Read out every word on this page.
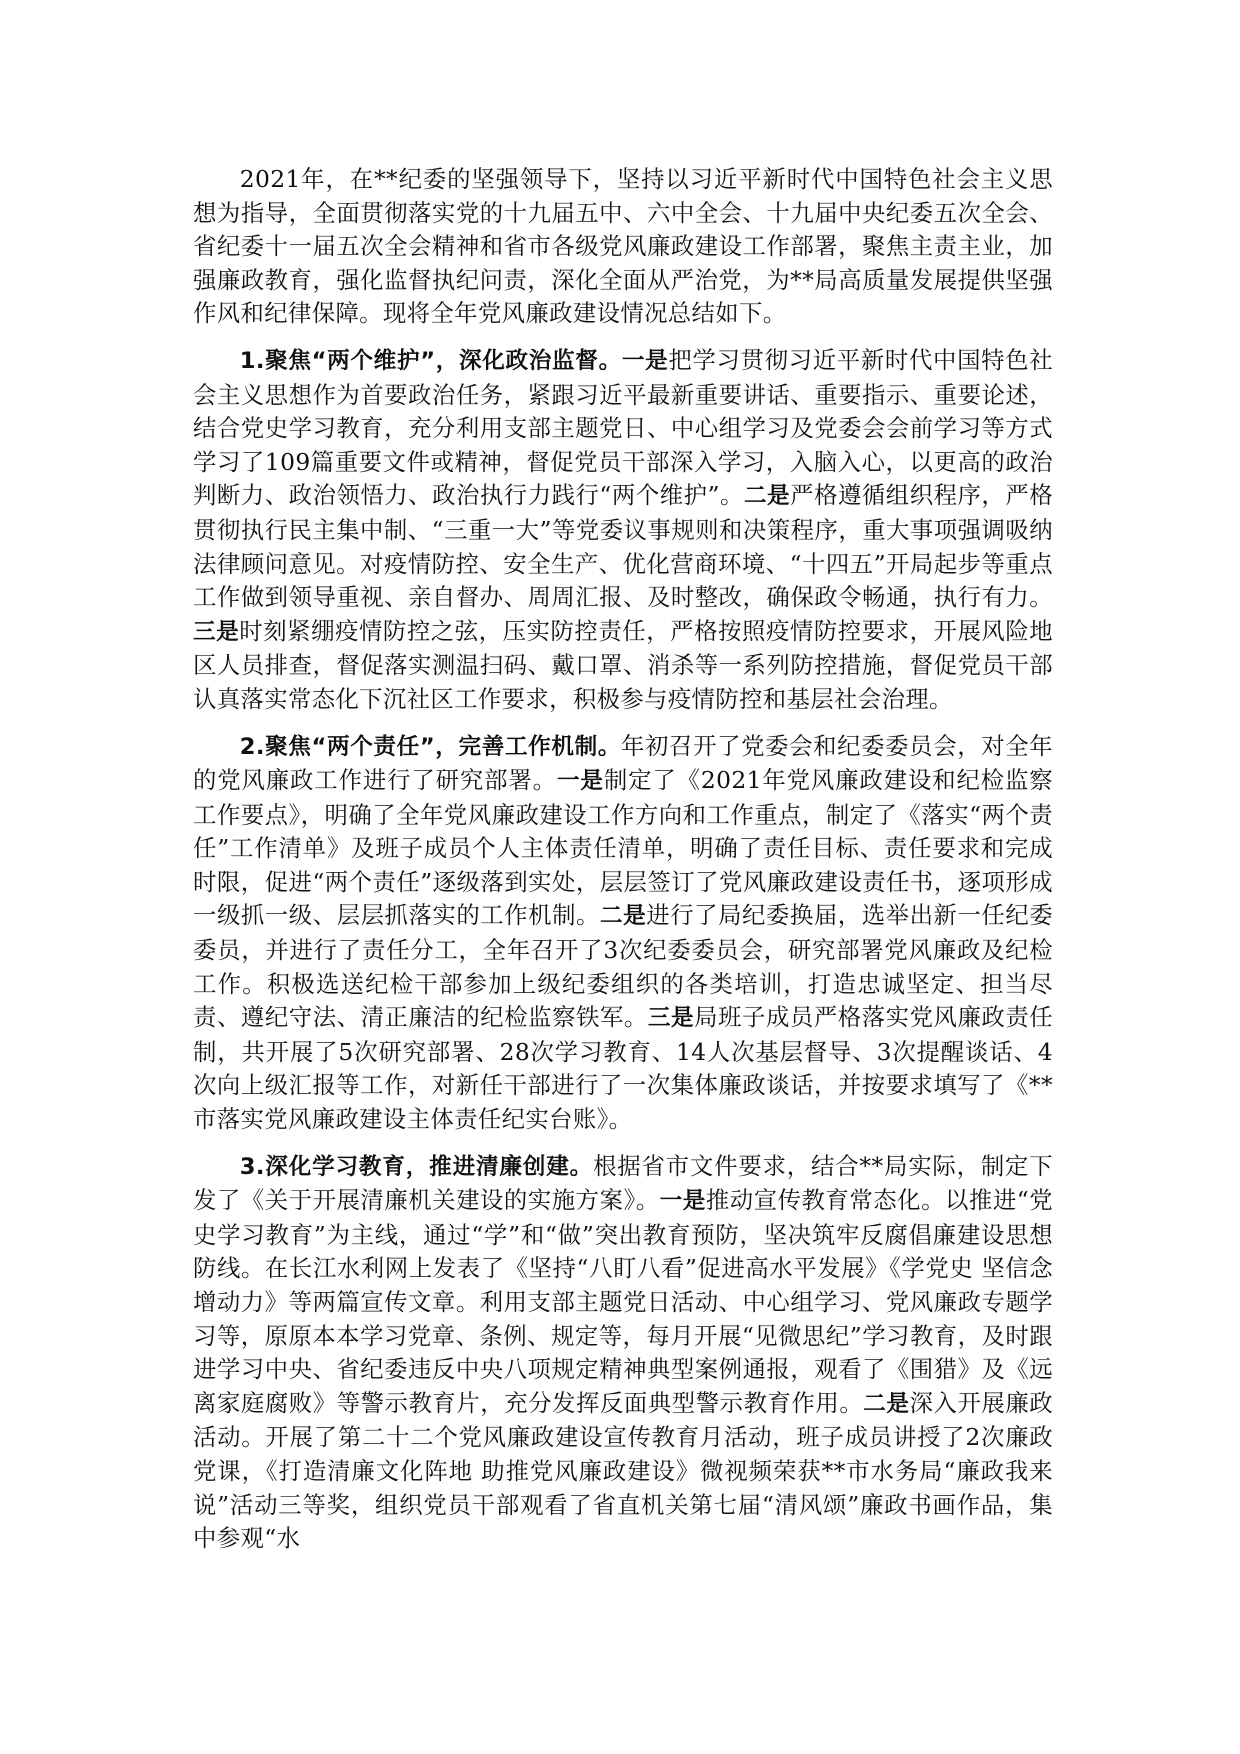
2021年，在**纪委的坚强领导下，坚持以习近平新时代中国特色社会主义思想为指导，全面贯彻落实党的十九届五中、六中全会、十九届中央纪委五次全会、省纪委十一届五次全会精神和省市各级党风廉政建设工作部署，聚焦主责主业，加强廉政教育，强化监督执纪问责，深化全面从严治党，为**局高质量发展提供坚强作风和纪律保障。现将全年党风廉政建设情况总结如下。

1.聚焦“两个维护”，深化政治监督。一是把学习贯彻习近平新时代中国特色社会主义思想作为首要政治任务，紧跟习近平最新重要讲话、重要指示、重要论述，结合党史学习教育，充分利用支部主题党日、中心组学习及党委会会前学习等方式学习了109篇重要文件或精神，督促党员干部深入学习，入脑入心，以更高的政治判断力、政治领悟力、政治执行力践行“两个维护”。二是严格遵循组织程序，严格贯彻执行民主集中制、“三重一大”等党委议事规则和决策程序，重大事项强调吸纳法律顾问意见。对疫情防控、安全生产、优化营商环境、“十四五”开局起步等重点工作做到领导重视、亲自督办、周周汇报、及时整改，确保政令畅通，执行有力。三是时刻紧绷疫情防控之弦，压实防控责任，严格按照疫情防控要求，开展风险地区人员排查，督促落实测温扫码、戴口罩、消杀等一系列防控措施，督促党员干部认真落实常态化下沉社区工作要求，积极参与疫情防控和基层社会治理。

2.聚焦“两个责任”，完善工作机制。年初召开了党委会和纪委委员会，对全年的党风廉政工作进行了研究部署。一是制定了《2021年党风廉政建设和纪检监察工作要点》，明确了全年党风廉政建设工作方向和工作重点，制定了《落实“两个责任”工作清单》及班子成员个人主体责任清单，明确了责任目标、责任要求和完成时限，促进“两个责任”逐级落到实处，层层签订了党风廉政建设责任书，逐项形成一级抓一级、层层抓落实的工作机制。二是进行了局纪委换届，选举出新一任纪委委员，并进行了责任分工，全年召开了3次纪委委员会，研究部署党风廉政及纪检工作。积极选送纪检干部参加上级纪委组织的各类培训，打造忠诚坚定、担当尽责、遵纪守法、清正廉洁的纪检监察铁军。三是局班子成员严格落实党风廉政责任制，共开展了5次研究部署、28次学习教育、14人次基层督导、3次提醒谈话、4次向上级汇报等工作，对新任干部进行了一次集体廉政谈话，并按要求填写了《**市落实党风廉政建设主体责任纪实台账》。

3.深化学习教育，推进清廉创建。根据省市文件要求，结合**局实际，制定下发了《关于开展清廉机关建设的实施方案》。一是推动宣传教育常态化。以推进“党史学习教育”为主线，通过“学”和“做”突出教育预防，坚决筑牢反腐倡廉建设思想防线。在长江水利网上发表了《坚持“八盯八看”促进高水平发展》《学党史 坚信念 增动力》等两篇宣传文章。利用支部主题党日活动、中心组学习、党风廉政专题学习等，原原本本学习党章、条例、规定等，每月开展“见微思纪”学习教育，及时跟进学习中央、省纪委违反中央八项规定精神典型案例通报，观看了《围猎》及《远离家庭腐败》等警示教育片，充分发挥反面典型警示教育作用。二是深入开展廉政活动。开展了第二十二个党风廉政建设宣传教育月活动，班子成员讲授了2次廉政党课，《打造清廉文化阵地 助推党风廉政建设》微视频荣获**市水务局“廉政我来说”活动三等奖，组织党员干部观看了省直机关第七届“清风颂”廉政书画作品，集中参观“水
